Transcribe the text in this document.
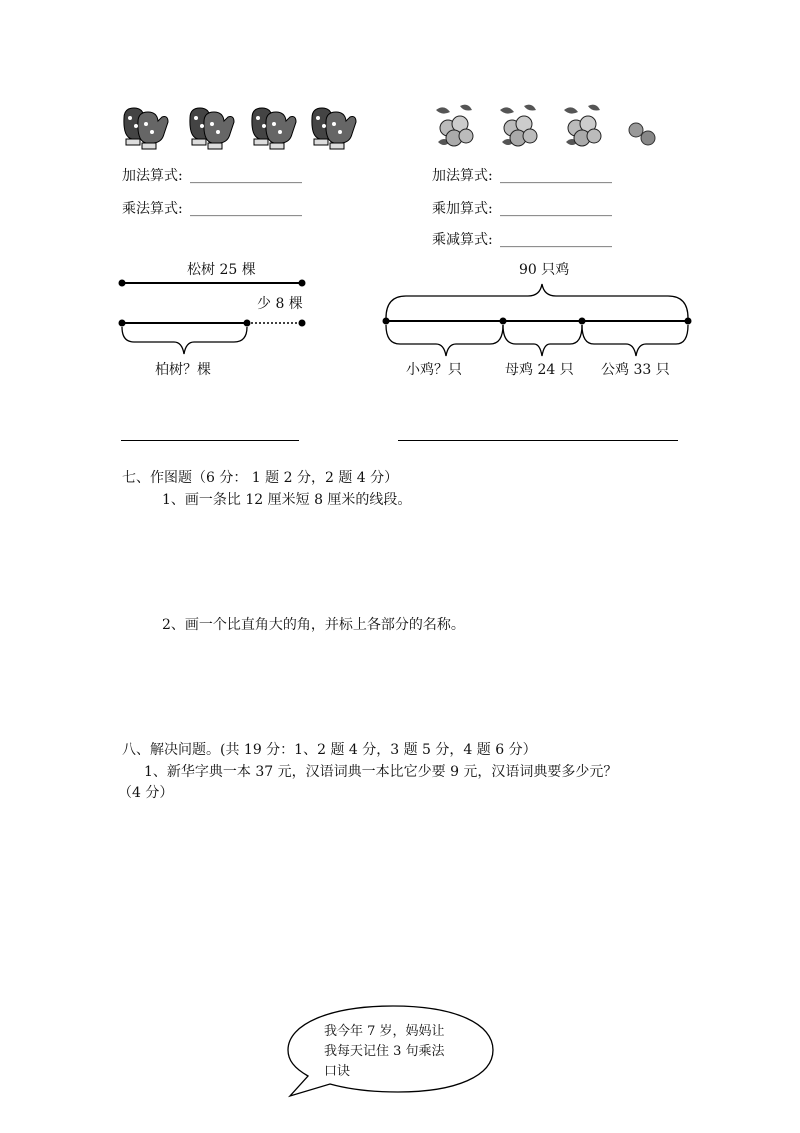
加法算式: ________________
乘法算式: ________________
加法算式: ________________
乘加算式: ________________
乘减算式: ________________
松树 25 棵
少 8 棵
柏树？棵
90 只鸡
小鸡？只	母鸡 24 只 公鸡 33 只
七、作图题（6 分： 1 题 2 分，2 题 4 分）
1、画一条比 12 厘米短 8 厘米的线段。
2、画一个比直角大的角，并标上各部分的名称。
八、解决问题。(共 19 分：1、2 题 4 分，3 题 5 分，4 题 6 分）
1、新华字典一本 37 元，汉语词典一本比它少要 9 元，汉语词典要多少元？
（4 分）
我今年 7 岁，妈妈让
我每天记住 3 句乘法
口诀
